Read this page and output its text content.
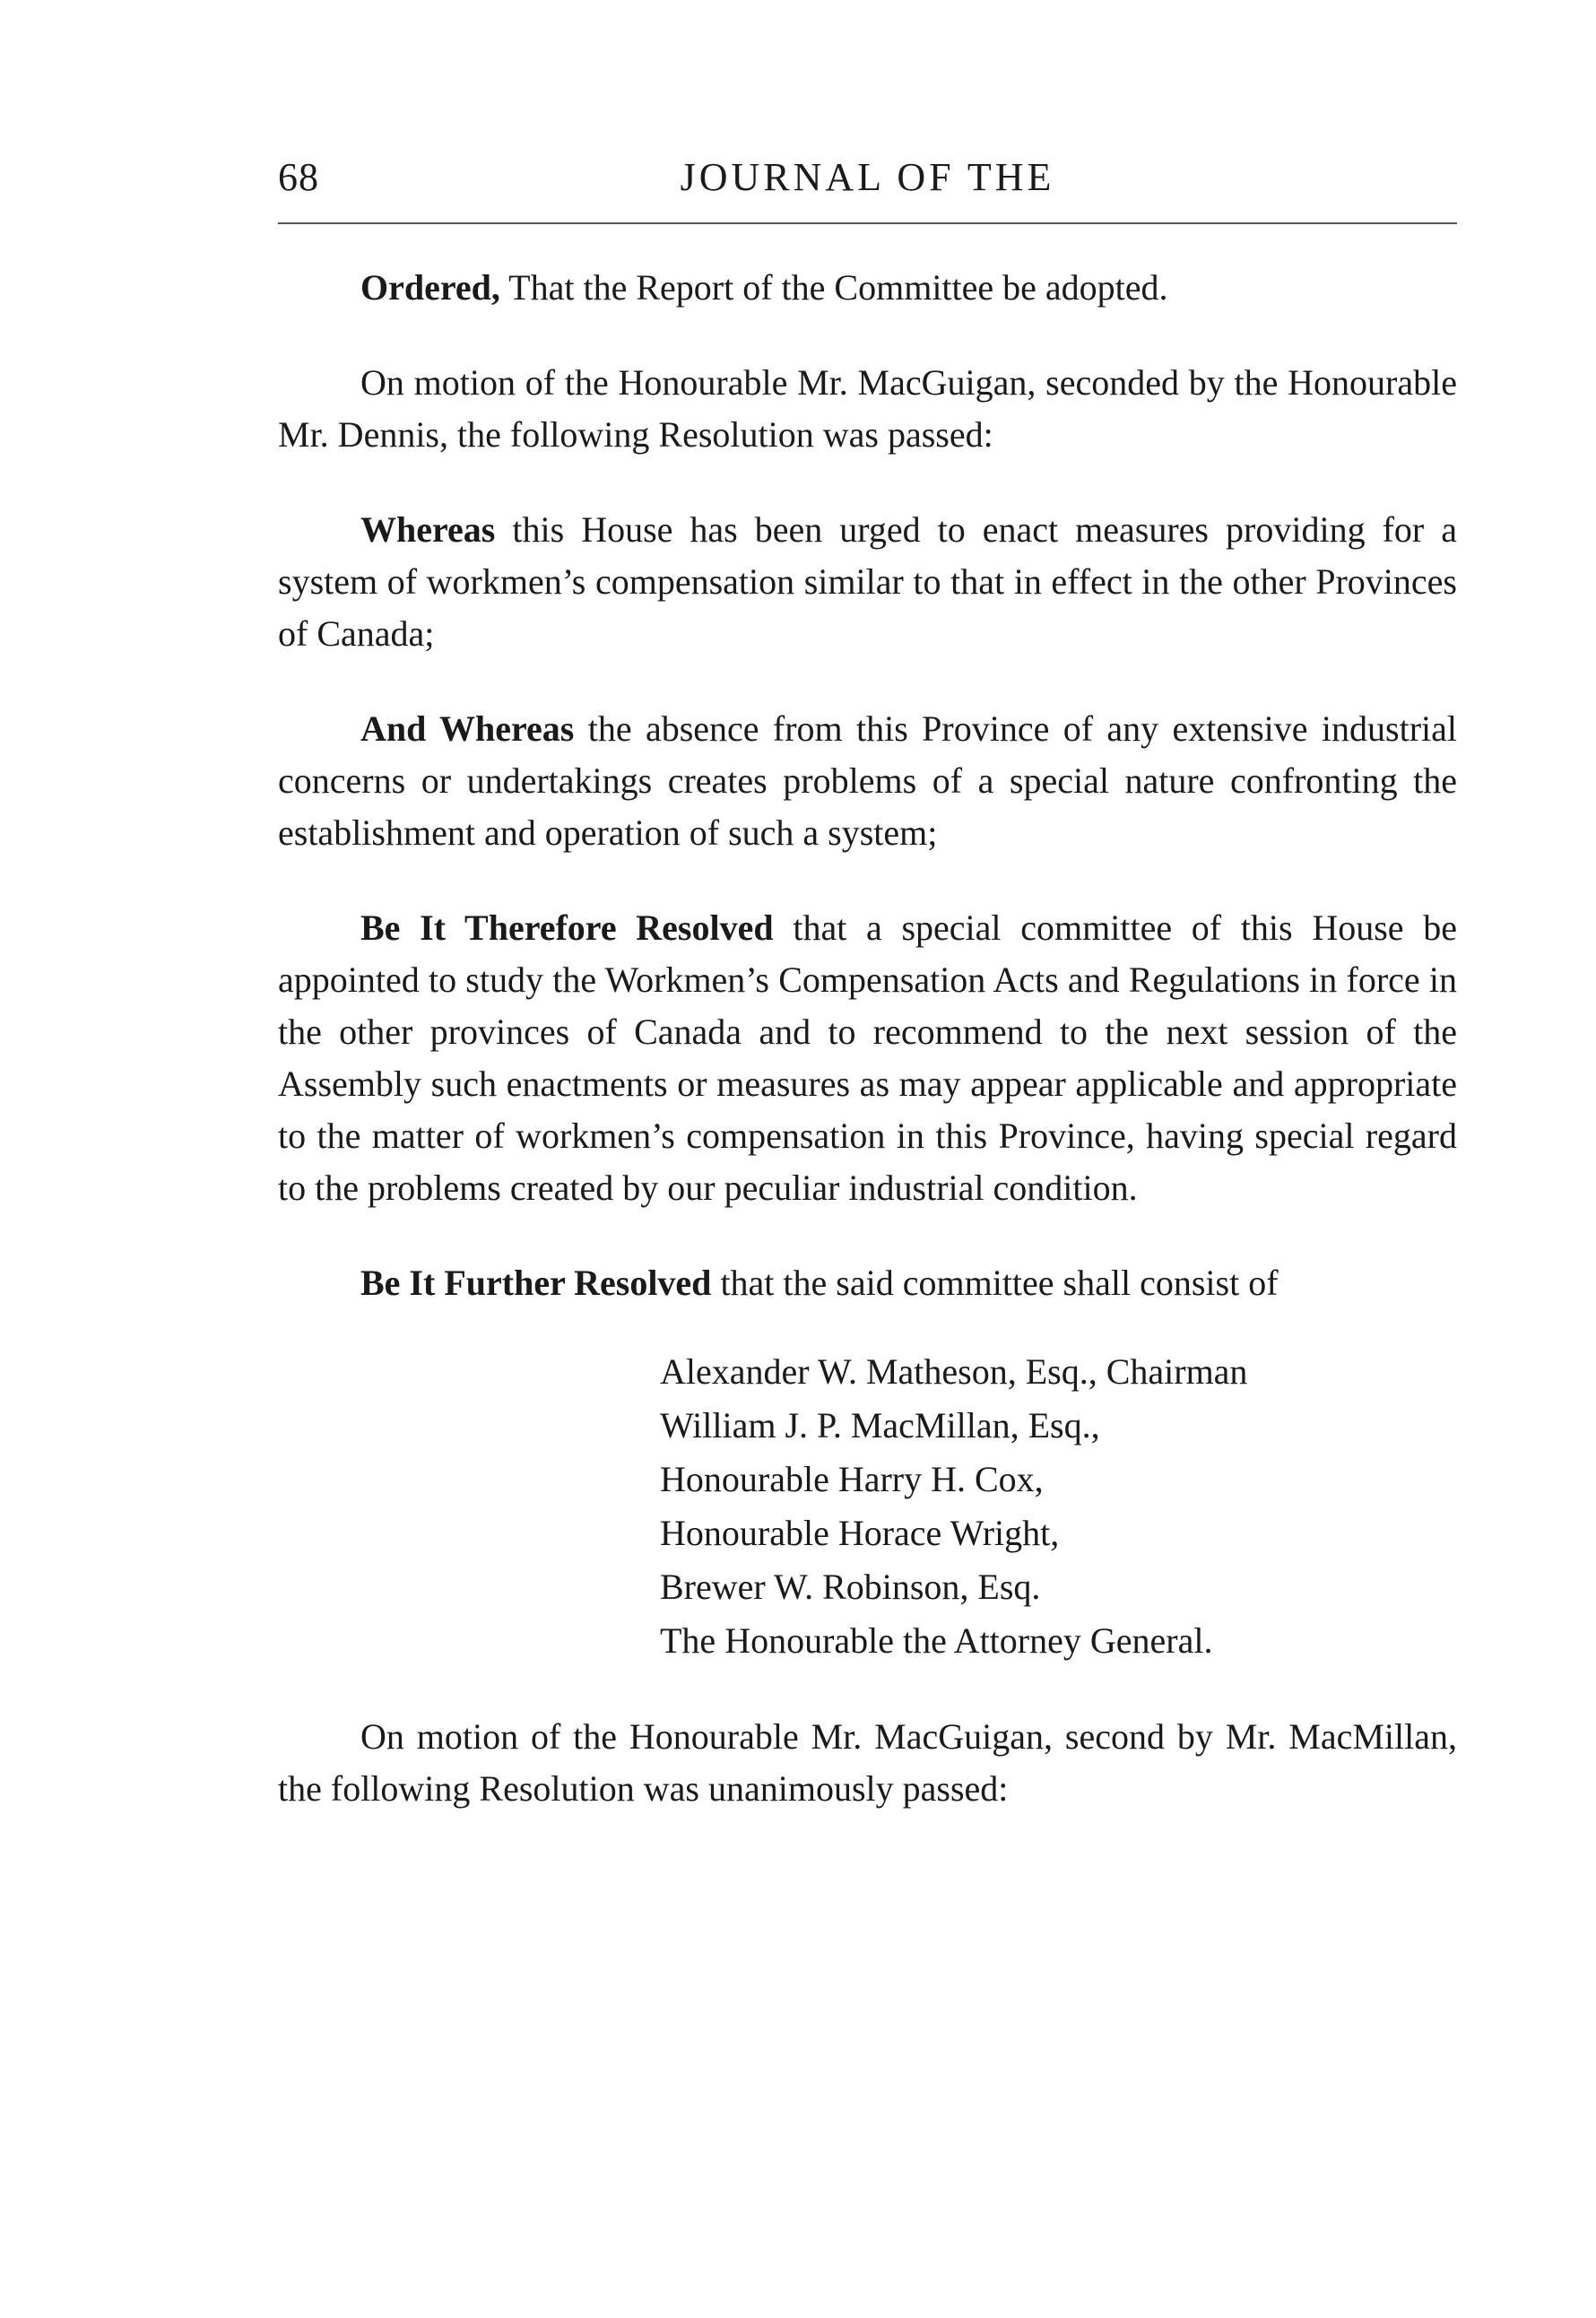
68	JOURNAL OF THE

Ordered, That the Report of the Committee be adopted.

On motion of the Honourable Mr. MacGuigan, seconded by the Honourable Mr. Dennis, the following Resolution was passed:

Whereas this House has been urged to enact measures providing for a system of workmen’s compensation similar to that in effect in the other Provinces of Canada;

And Whereas the absence from this Province of any extensive industrial concerns or undertakings creates problems of a special nature confronting the establishment and operation of such a system;

Be It Therefore Resolved that a special committee of this House be appointed to study the Workmen’s Compensation Acts and Regulations in force in the other provinces of Canada and to recommend to the next session of the Assembly such enactments or measures as may appear applicable and appropriate to the matter of workmen’s compensation in this Province, having special regard to the problems created by our peculiar industrial condition.

Be It Further Resolved that the said committee shall consist of

Alexander W. Matheson, Esq., Chairman
William J. P. MacMillan, Esq.,
Honourable Harry H. Cox,
Honourable Horace Wright,
Brewer W. Robinson, Esq.
The Honourable the Attorney General.

On motion of the Honourable Mr. MacGuigan, second by Mr. MacMillan, the following Resolution was unanimously passed:
